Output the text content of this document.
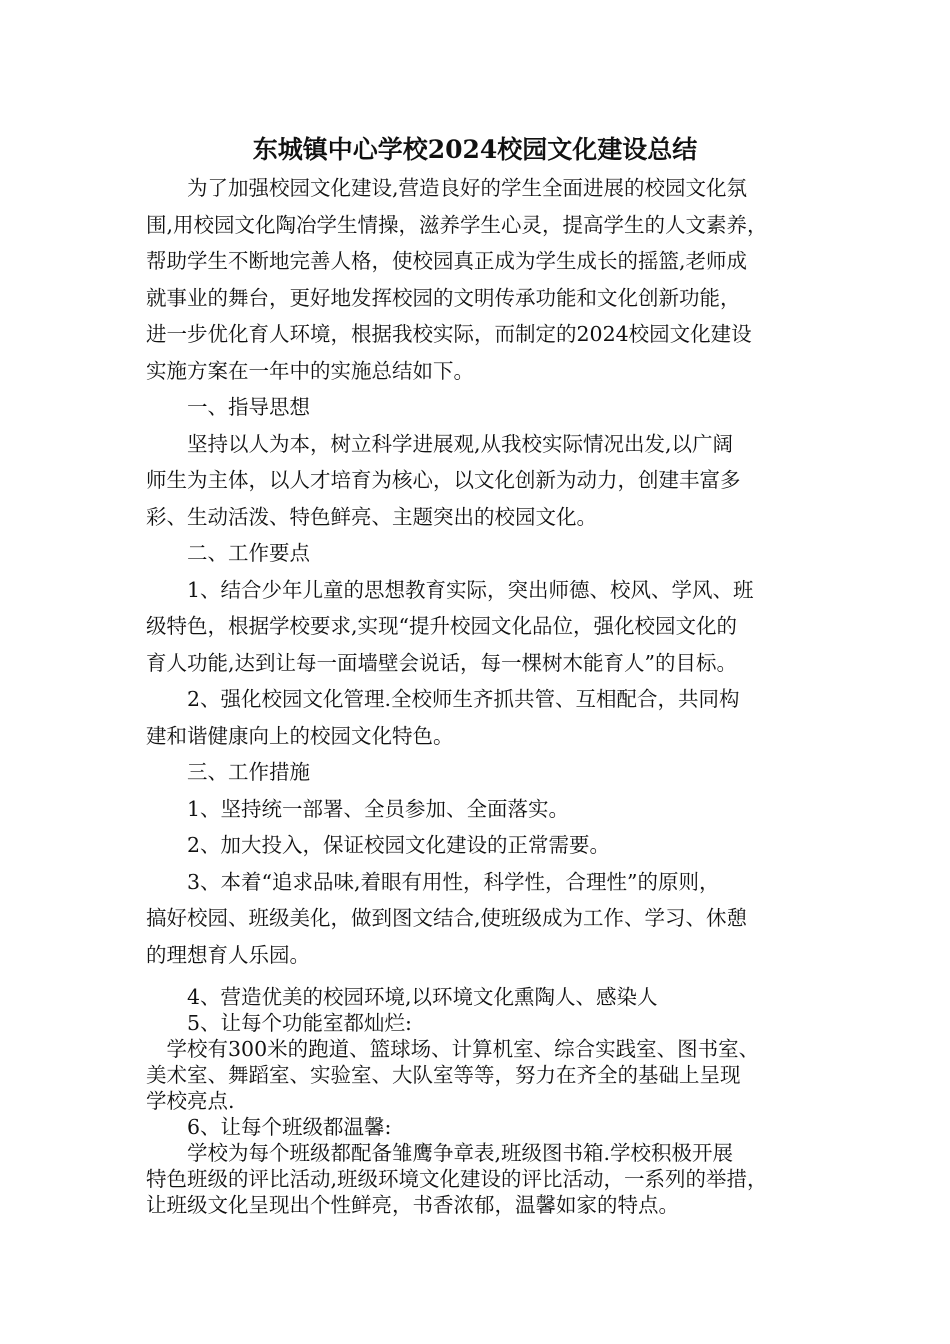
东城镇中心学校2024校园文化建设总结
　　为了加强校园文化建设,营造良好的学生全面进展的校园文化氛
围,用校园文化陶冶学生情操，滋养学生心灵，提高学生的人文素养，
帮助学生不断地完善人格，使校园真正成为学生成长的摇篮,老师成
就事业的舞台，更好地发挥校园的文明传承功能和文化创新功能，
进一步优化育人环境，根据我校实际，而制定的2024校园文化建设
实施方案在一年中的实施总结如下。
　　一、指导思想
　　坚持以人为本，树立科学进展观,从我校实际情况出发,以广阔
师生为主体，以人才培育为核心，以文化创新为动力，创建丰富多
彩、生动活泼、特色鲜亮、主题突出的校园文化。
　　二、工作要点
　　1、结合少年儿童的思想教育实际，突出师德、校风、学风、班
级特色，根据学校要求,实现“提升校园文化品位，强化校园文化的
育人功能,达到让每一面墙壁会说话，每一棵树木能育人”的目标。
　　2、强化校园文化管理.全校师生齐抓共管、互相配合，共同构
建和谐健康向上的校园文化特色。
　　三、工作措施
　　1、坚持统一部署、全员参加、全面落实。
　　2、加大投入，保证校园文化建设的正常需要。
　　3、本着“追求品味,着眼有用性，科学性，合理性”的原则，
搞好校园、班级美化，做到图文结合,使班级成为工作、学习、休憩
的理想育人乐园。
　　4、营造优美的校园环境,以环境文化熏陶人、感染人
　　5、让每个功能室都灿烂:
　学校有300米的跑道、篮球场、计算机室、综合实践室、图书室、
美术室、舞蹈室、实验室、大队室等等，努力在齐全的基础上呈现
学校亮点.
　　6、让每个班级都温馨:
　　学校为每个班级都配备雏鹰争章表,班级图书箱.学校积极开展
特色班级的评比活动,班级环境文化建设的评比活动，一系列的举措，
让班级文化呈现出个性鲜亮，书香浓郁，温馨如家的特点。
